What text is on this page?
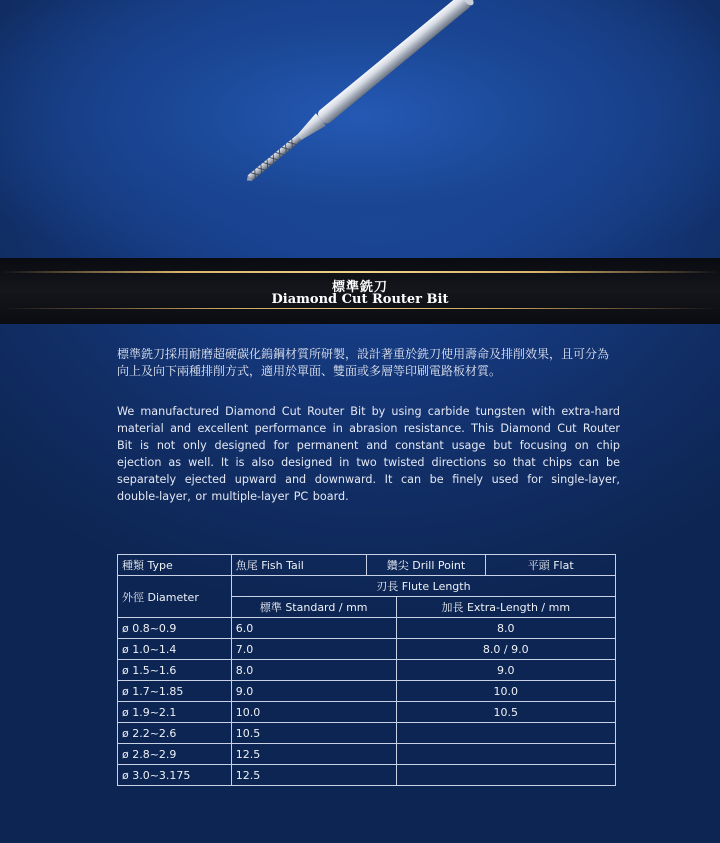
標準銑刀
Diamond Cut Router Bit
標準銑刀採用耐磨超硬碳化鎢鋼材質所研製，設計著重於銑刀使用壽命及排削效果，且可分為向上及向下兩種排削方式，適用於單面、雙面或多層等印刷電路板材質。
We manufactured Diamond Cut Router Bit by using carbide tungsten with extra-hard material and excellent performance in abrasion resistance. This Diamond Cut Router Bit is not only designed for permanent and constant usage but focusing on chip ejection as well. It is also designed in two twisted directions so that chips can be separately ejected upward and downward. It can be finely used for single-layer, double-layer, or multiple-layer PC board.
種類 Type	魚尾 Fish Tail	鑽尖 Drill Point		平頭 Flat
外徑 Diameter	刃長 Flute Length			
	標準 Standard / mm		加長 Extra-Length / mm	
ø 0.8~0.9	6.0		8.0	
ø 1.0~1.4	7.0		8.0 / 9.0	
ø 1.5~1.6	8.0		9.0	
ø 1.7~1.85	9.0		10.0	
ø 1.9~2.1	10.0		10.5	
ø 2.2~2.6	10.5			
ø 2.8~2.9	12.5			
ø 3.0~3.175	12.5			
